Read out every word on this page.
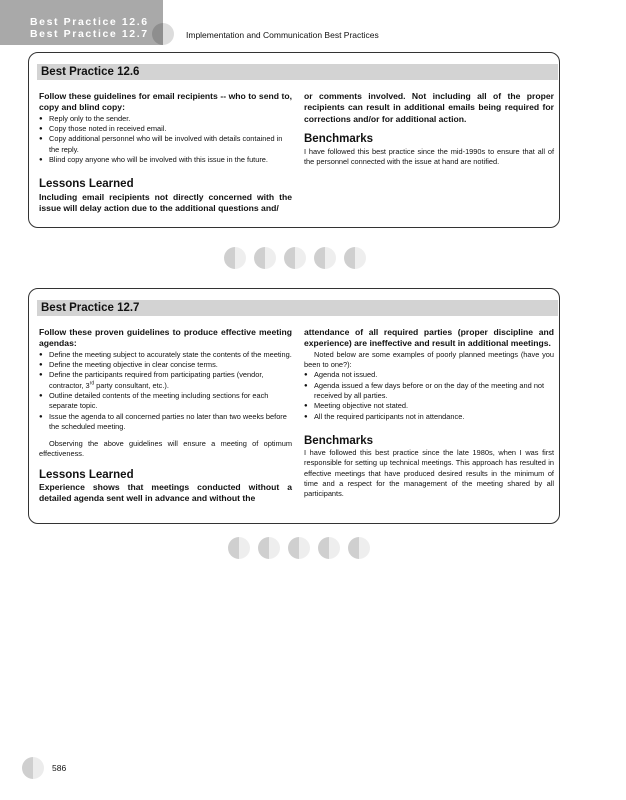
Best Practice 12.6
Best Practice 12.7	Implementation and Communication Best Practices
Best Practice 12.6

Follow these guidelines for email recipients -- who to send to, copy and blind copy:

● Reply only to the sender.
● Copy those noted in received email.
● Copy additional personnel who will be involved with details contained in the reply.
● Blind copy anyone who will be involved with this issue in the future.
Lessons Learned

Including email recipients not directly concerned with the issue will delay action due to the additional questions and/

or comments involved. Not including all of the proper recipients can result in additional emails being required for corrections and/or for additional action.

Benchmarks

I have followed this best practice since the mid-1990s to ensure that all of the personnel connected with the issue at hand are notified.

Best Practice 12.7

Follow these proven guidelines to produce effective meeting agendas:

● Define the meeting subject to accurately state the contents of the meeting.
● Define the meeting objective in clear concise terms.
● Define the participants required from participating parties (vendor, contractor, 3rd party consultant, etc.).
● Outline detailed contents of the meeting including sections for each separate topic.
● Issue the agenda to all concerned parties no later than two weeks before the scheduled meeting.

Observing the above guidelines will ensure a meeting of optimum effectiveness.

Lessons Learned

Experience shows that meetings conducted without a detailed agenda sent well in advance and without the

attendance of all required parties (proper discipline and experience) are ineffective and result in additional meetings.

Noted below are some examples of poorly planned meetings (have you been to one?):

● Agenda not issued.
● Agenda issued a few days before or on the day of the meeting and not received by all parties.
● Meeting objective not stated.
● All the required participants not in attendance.
Benchmarks

I have followed this best practice since the late 1980s, when I was first responsible for setting up technical meetings. This approach has resulted in effective meetings that have produced desired results in the minimum of time and a respect for the management of the meeting shared by all participants.

586
